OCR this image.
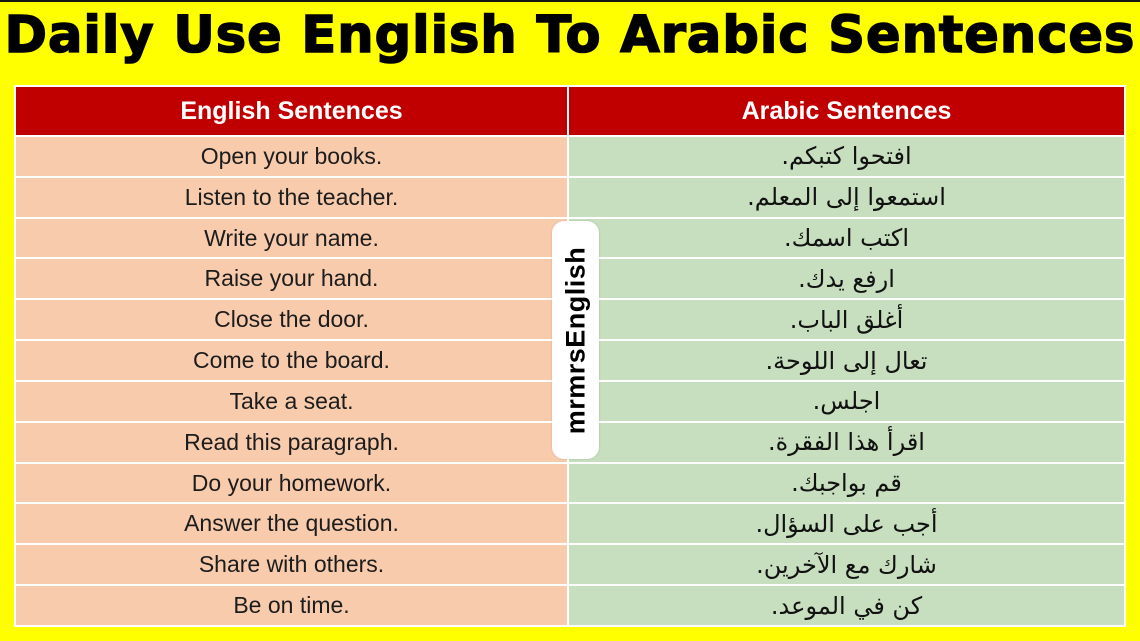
Daily Use English To Arabic Sentences
English Sentences	Arabic Sentences
Open your books.	افتحوا كتبكم.
Listen to the teacher.	استمعوا إلى المعلم.
Write your name.	اكتب اسمك.
Raise your hand.	ارفع يدك.
Close the door.	أغلق الباب.
Come to the board.	تعال إلى اللوحة.
Take a seat.	اجلس.
Read this paragraph.	اقرأ هذا الفقرة.
Do your homework.	قم بواجبك.
Answer the question.	أجب على السؤال.
Share with others.	شارك مع الآخرين.
Be on time.	كن في الموعد.
mrmrsEnglish
